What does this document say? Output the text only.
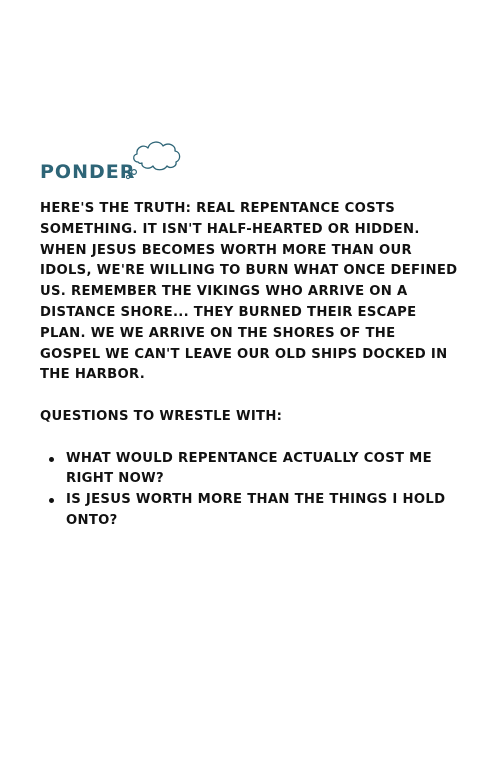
PONDER

HERE'S THE TRUTH: REAL REPENTANCE COSTS SOMETHING. IT ISN'T HALF-HEARTED OR HIDDEN. WHEN JESUS BECOMES WORTH MORE THAN OUR IDOLS, WE'RE WILLING TO BURN WHAT ONCE DEFINED US. REMEMBER THE VIKINGS WHO ARRIVE ON A DISTANCE SHORE... THEY BURNED THEIR ESCAPE PLAN. WE WE ARRIVE ON THE SHORES OF THE GOSPEL WE CAN'T LEAVE OUR OLD SHIPS DOCKED IN THE HARBOR.

QUESTIONS TO WRESTLE WITH:

WHAT WOULD REPENTANCE ACTUALLY COST ME RIGHT NOW?
IS JESUS WORTH MORE THAN THE THINGS I HOLD ONTO?
